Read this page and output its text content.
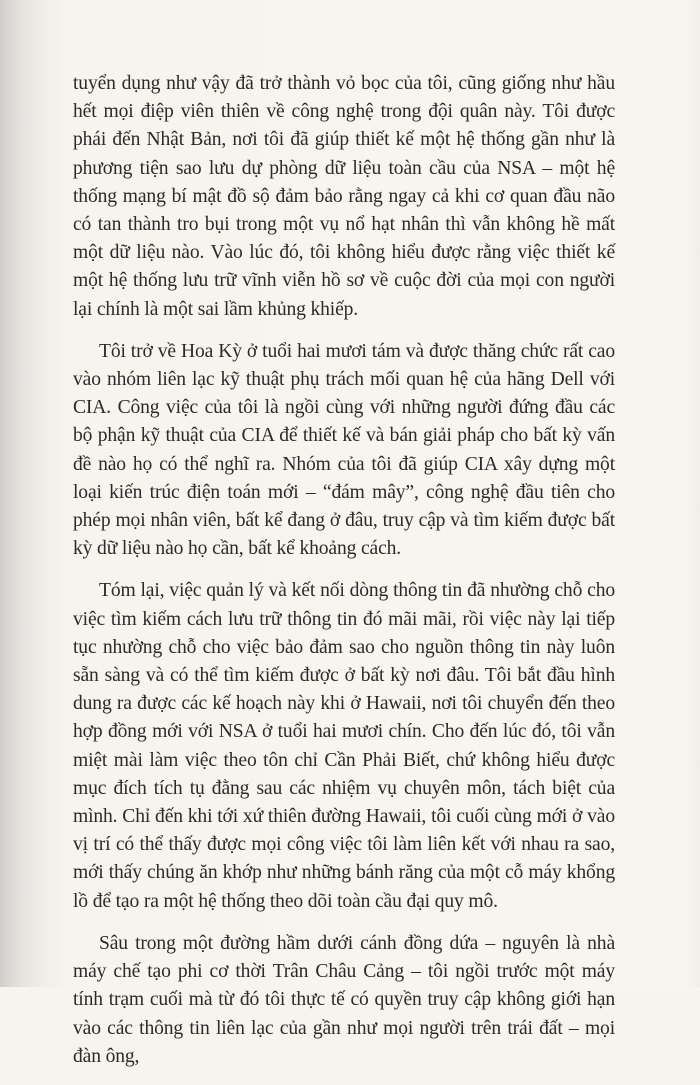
tuyển dụng như vậy đã trở thành vỏ bọc của tôi, cũng giống như hầu hết mọi điệp viên thiên về công nghệ trong đội quân này. Tôi được phái đến Nhật Bản, nơi tôi đã giúp thiết kế một hệ thống gần như là phương tiện sao lưu dự phòng dữ liệu toàn cầu của NSA – một hệ thống mạng bí mật đồ sộ đảm bảo rằng ngay cả khi cơ quan đầu não có tan thành tro bụi trong một vụ nổ hạt nhân thì vẫn không hề mất một dữ liệu nào. Vào lúc đó, tôi không hiểu được rằng việc thiết kế một hệ thống lưu trữ vĩnh viễn hồ sơ về cuộc đời của mọi con người lại chính là một sai lầm khủng khiếp.

Tôi trở về Hoa Kỳ ở tuổi hai mươi tám và được thăng chức rất cao vào nhóm liên lạc kỹ thuật phụ trách mối quan hệ của hãng Dell với CIA. Công việc của tôi là ngồi cùng với những người đứng đầu các bộ phận kỹ thuật của CIA để thiết kế và bán giải pháp cho bất kỳ vấn đề nào họ có thể nghĩ ra. Nhóm của tôi đã giúp CIA xây dựng một loại kiến trúc điện toán mới – “đám mây”, công nghệ đầu tiên cho phép mọi nhân viên, bất kể đang ở đâu, truy cập và tìm kiếm được bất kỳ dữ liệu nào họ cần, bất kể khoảng cách.

Tóm lại, việc quản lý và kết nối dòng thông tin đã nhường chỗ cho việc tìm kiếm cách lưu trữ thông tin đó mãi mãi, rồi việc này lại tiếp tục nhường chỗ cho việc bảo đảm sao cho nguồn thông tin này luôn sẵn sàng và có thể tìm kiếm được ở bất kỳ nơi đâu. Tôi bắt đầu hình dung ra được các kế hoạch này khi ở Hawaii, nơi tôi chuyển đến theo hợp đồng mới với NSA ở tuổi hai mươi chín. Cho đến lúc đó, tôi vẫn miệt mài làm việc theo tôn chỉ Cần Phải Biết, chứ không hiểu được mục đích tích tụ đằng sau các nhiệm vụ chuyên môn, tách biệt của mình. Chỉ đến khi tới xứ thiên đường Hawaii, tôi cuối cùng mới ở vào vị trí có thể thấy được mọi công việc tôi làm liên kết với nhau ra sao, mới thấy chúng ăn khớp như những bánh răng của một cỗ máy khổng lồ để tạo ra một hệ thống theo dõi toàn cầu đại quy mô.

Sâu trong một đường hầm dưới cánh đồng dứa – nguyên là nhà máy chế tạo phi cơ thời Trân Châu Cảng – tôi ngồi trước một máy tính trạm cuối mà từ đó tôi thực tế có quyền truy cập không giới hạn vào các thông tin liên lạc của gần như mọi người trên trái đất – mọi đàn ông,
